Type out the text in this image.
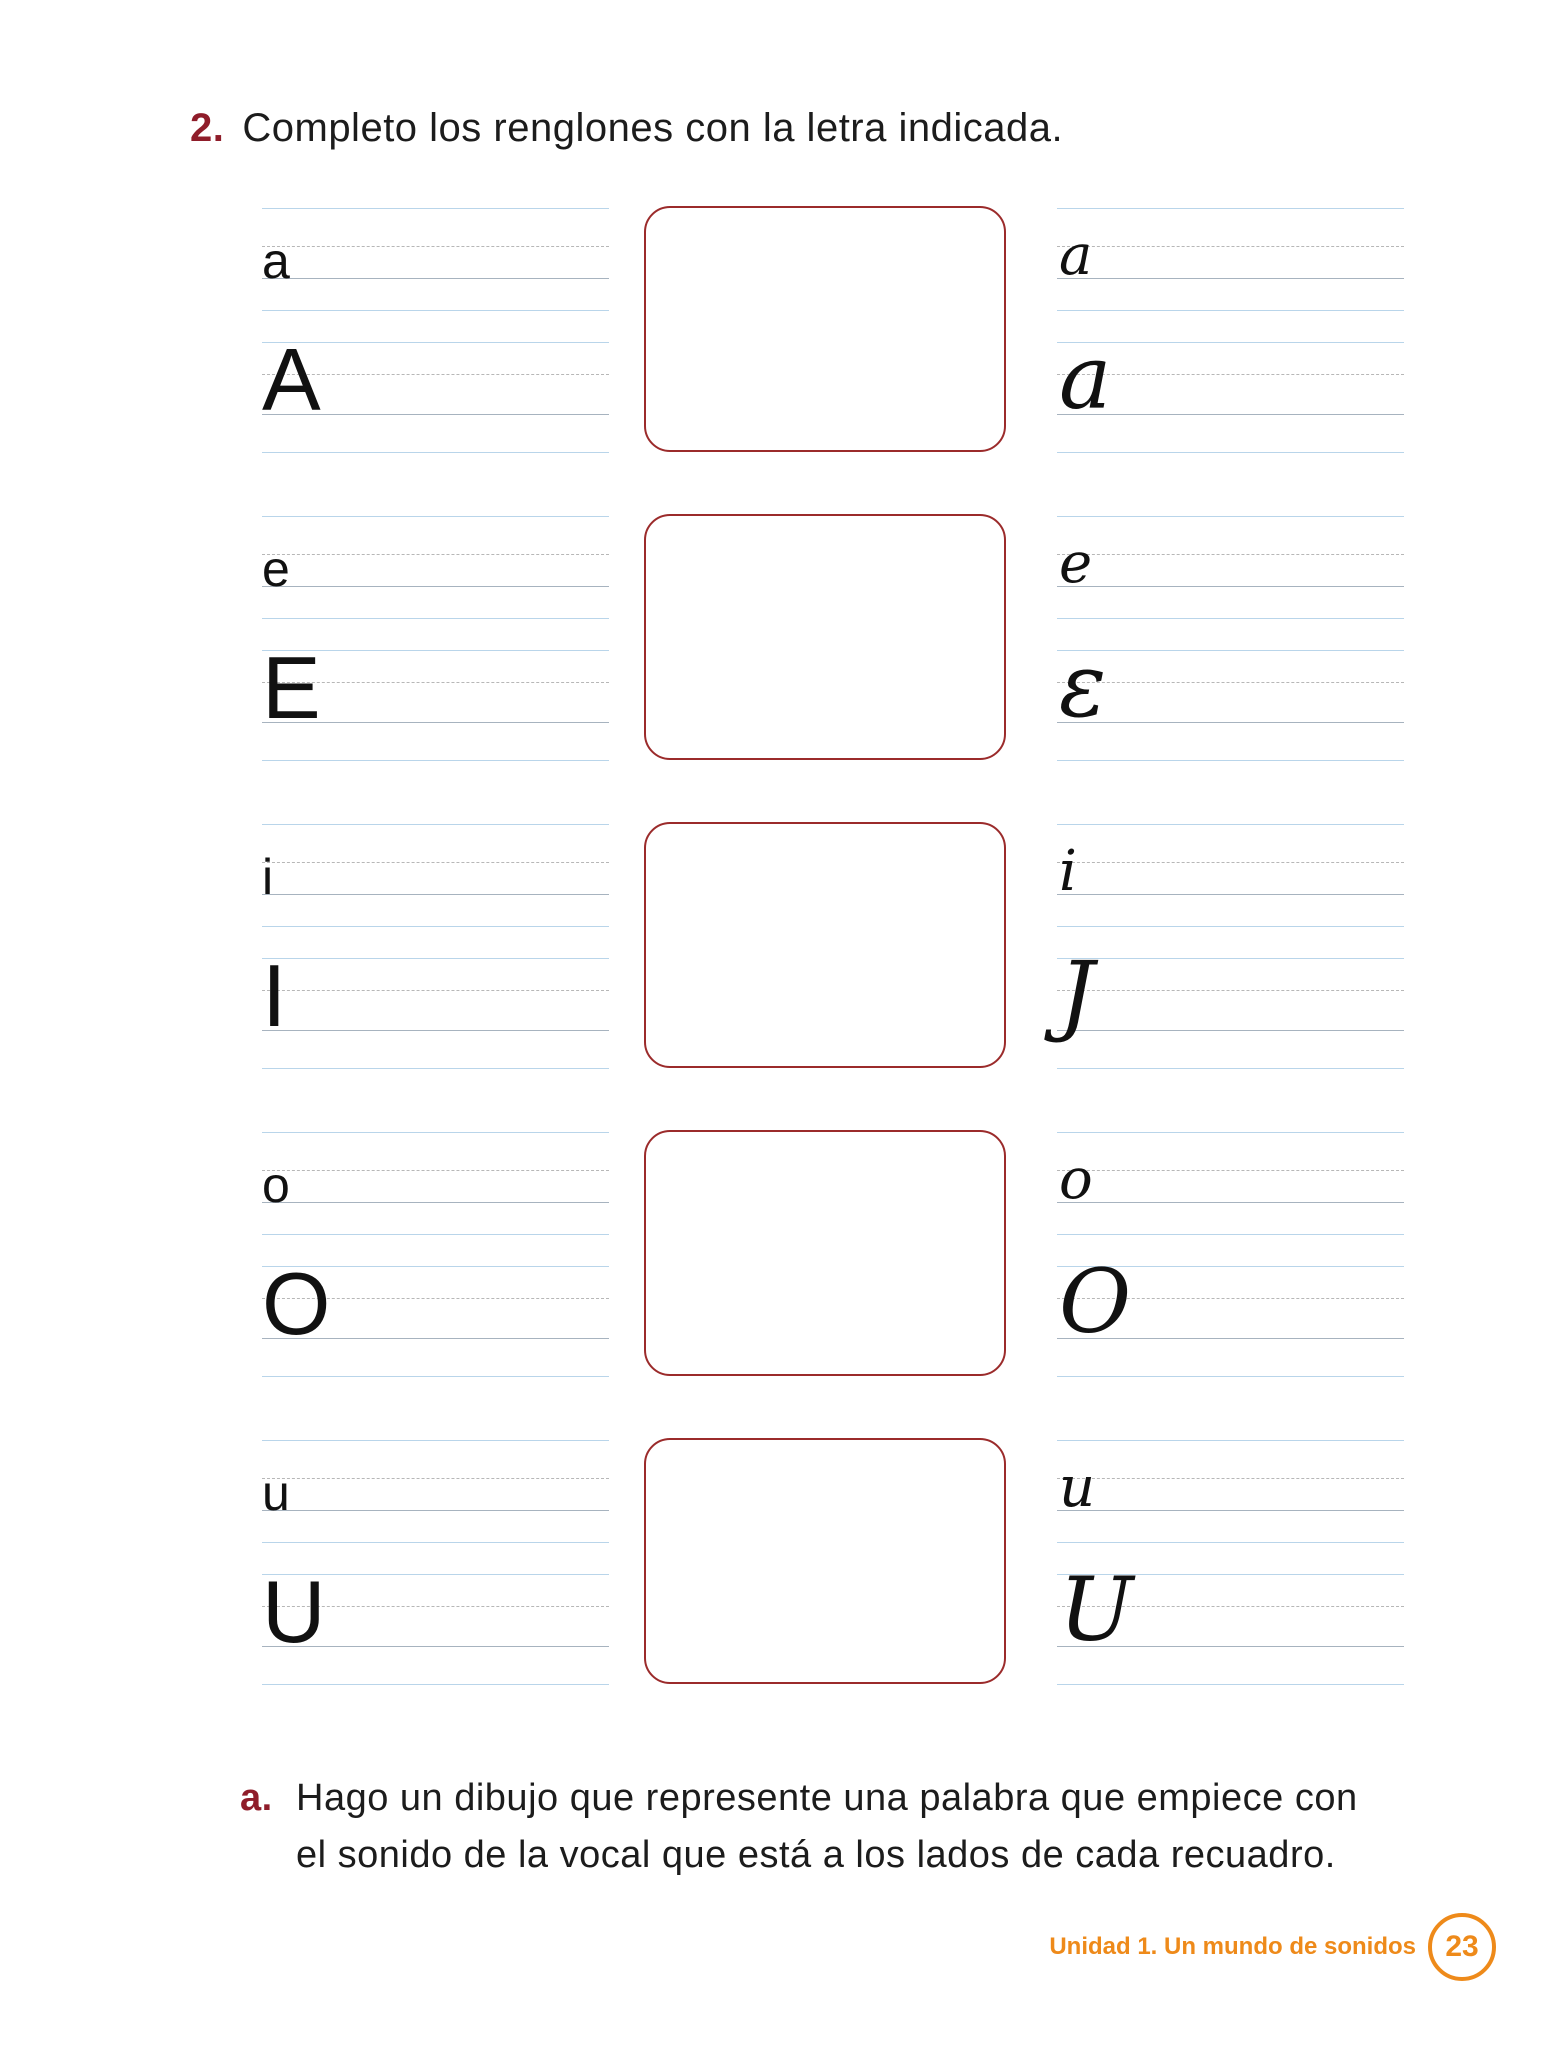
2. Completo los renglones con la letra indicada.
a
A
a
a
e
E
e
ε
i
I
i
J
o
O
o
O
u
U
u
U
a. Hago un dibujo que represente una palabra que empiece con
el sonido de la vocal que está a los lados de cada recuadro.
Unidad 1. Un mundo de sonidos 23
